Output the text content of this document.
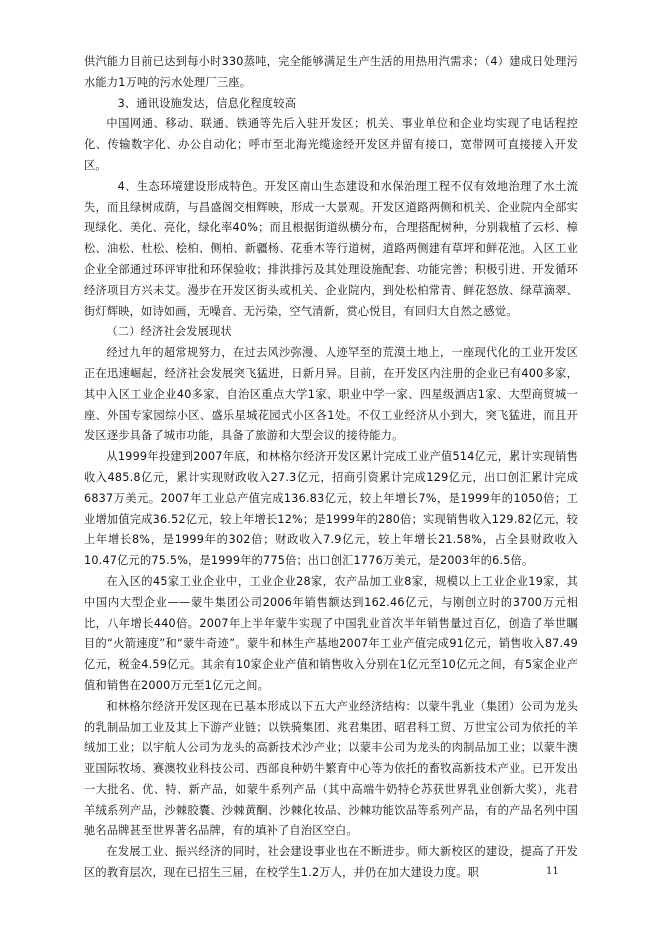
供汽能力目前已达到每小时330蒸吨，完全能够满足生产生活的用热用汽需求；（4）建成日处理污水能力1万吨的污水处理厂三座。

3、通讯设施发达，信息化程度较高

中国网通、移动、联通、铁通等先后入驻开发区；机关、事业单位和企业均实现了电话程控化、传输数字化、办公自动化；呼市至北海光缆途经开发区并留有接口，宽带网可直接接入开发区。

4、生态环境建设形成特色。开发区南山生态建设和水保治理工程不仅有效地治理了水土流失，而且绿树成荫，与昌盛阁交相辉映，形成一大景观。开发区道路两侧和机关、企业院内全部实现绿化、美化、亮化，绿化率40%；而且根据街道纵横分布，合理搭配树种，分别栽植了云杉、樟松、油松、杜松、桧柏、侧柏、新疆杨、花垂木等行道树，道路两侧建有草坪和鲜花池。入区工业企业全部通过环评审批和环保验收；排洪排污及其处理设施配套、功能完善；积极引进、开发循环经济项目方兴未艾。漫步在开发区街头或机关、企业院内，到处松柏常青、鲜花怒放、绿草滴翠、街灯辉映，如诗如画，无噪音、无污染，空气清新，赏心悦目，有回归大自然之感觉。

（二）经济社会发展现状

经过九年的超常规努力，在过去风沙弥漫、人迹罕至的荒漠土地上，一座现代化的工业开发区正在迅速崛起，经济社会发展突飞猛进，日新月异。目前，在开发区内注册的企业已有400多家，其中入区工业企业40多家、自治区重点大学1家、职业中学一家、四星级酒店1家、大型商贸城一座、外国专家园综小区、盛乐星城花园式小区各1处。不仅工业经济从小到大，突飞猛进，而且开发区逐步具备了城市功能，具备了旅游和大型会议的接待能力。

从1999年投建到2007年底，和林格尔经济开发区累计完成工业产值514亿元，累计实现销售收入485.8亿元，累计实现财政收入27.3亿元，招商引资累计完成129亿元，出口创汇累计完成6837万美元。2007年工业总产值完成136.83亿元，较上年增长7%，是1999年的1050倍；工业增加值完成36.52亿元，较上年增长12%；是1999年的280倍；实现销售收入129.82亿元，较上年增长8%，是1999年的302倍；财政收入7.9亿元，较上年增长21.58%，占全县财政收入10.47亿元的75.5%，是1999年的775倍；出口创汇1776万美元，是2003年的6.5倍。

在入区的45家工业企业中，工业企业28家，农产品加工业8家，规模以上工业企业19家，其中国内大型企业——蒙牛集团公司2006年销售额达到162.46亿元，与刚创立时的3700万元相比，八年增长440倍。2007年上半年蒙牛实现了中国乳业首次半年销售量过百亿，创造了举世瞩目的“火箭速度”和“蒙牛奇迹”。蒙牛和林生产基地2007年工业产值完成91亿元，销售收入87.49亿元，税金4.59亿元。其余有10家企业产值和销售收入分别在1亿元至10亿元之间，有5家企业产值和销售在2000万元至1亿元之间。

和林格尔经济开发区现在已基本形成以下五大产业经济结构：以蒙牛乳业（集团）公司为龙头的乳制品加工业及其上下游产业链；以铁骑集团、兆君集团、昭君科工贸、万世宝公司为依托的羊绒加工业；以宇航人公司为龙头的高新技术沙产业；以蒙丰公司为龙头的肉制品加工业；以蒙牛澳亚国际牧场、赛澳牧业科技公司、西部良种奶牛繁育中心等为依托的畜牧高新技术产业。已开发出一大批名、优、特、新产品，如蒙牛系列产品（其中高端牛奶特仑苏获世界乳业创新大奖），兆君羊绒系列产品，沙棘胶囊、沙棘黄酮、沙棘化妆品、沙棘功能饮品等系列产品，有的产品名列中国驰名品牌甚至世界著名品牌，有的填补了自治区空白。

在发展工业、振兴经济的同时，社会建设事业也在不断进步。师大新校区的建设，提高了开发区的教育层次，现在已招生三届，在校学生1.2万人，并仍在加大建设力度。职	11
